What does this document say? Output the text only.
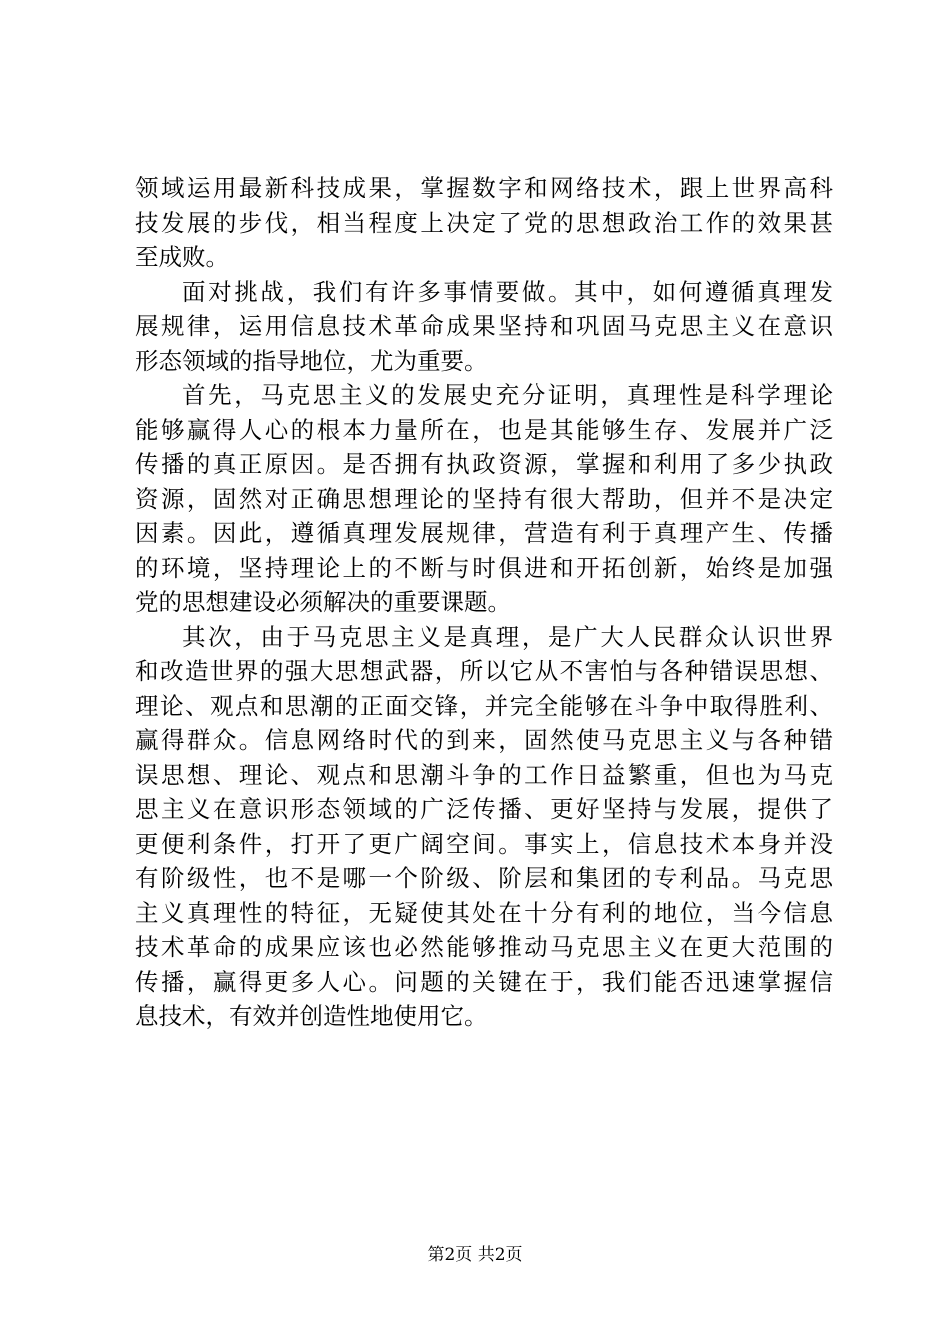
领域运用最新科技成果，掌握数字和网络技术，跟上世界高科
技发展的步伐，相当程度上决定了党的思想政治工作的效果甚
至成败。
面对挑战，我们有许多事情要做。其中，如何遵循真理发
展规律，运用信息技术革命成果坚持和巩固马克思主义在意识
形态领域的指导地位，尤为重要。
首先，马克思主义的发展史充分证明，真理性是科学理论
能够赢得人心的根本力量所在，也是其能够生存、发展并广泛
传播的真正原因。是否拥有执政资源，掌握和利用了多少执政
资源，固然对正确思想理论的坚持有很大帮助，但并不是决定
因素。因此，遵循真理发展规律，营造有利于真理产生、传播
的环境，坚持理论上的不断与时俱进和开拓创新，始终是加强
党的思想建设必须解决的重要课题。
其次，由于马克思主义是真理，是广大人民群众认识世界
和改造世界的强大思想武器，所以它从不害怕与各种错误思想、
理论、观点和思潮的正面交锋，并完全能够在斗争中取得胜利、
赢得群众。信息网络时代的到来，固然使马克思主义与各种错
误思想、理论、观点和思潮斗争的工作日益繁重，但也为马克
思主义在意识形态领域的广泛传播、更好坚持与发展，提供了
更便利条件，打开了更广阔空间。事实上，信息技术本身并没
有阶级性，也不是哪一个阶级、阶层和集团的专利品。马克思
主义真理性的特征，无疑使其处在十分有利的地位，当今信息
技术革命的成果应该也必然能够推动马克思主义在更大范围的
传播，赢得更多人心。问题的关键在于，我们能否迅速掌握信
息技术，有效并创造性地使用它。
第2页 共2页
